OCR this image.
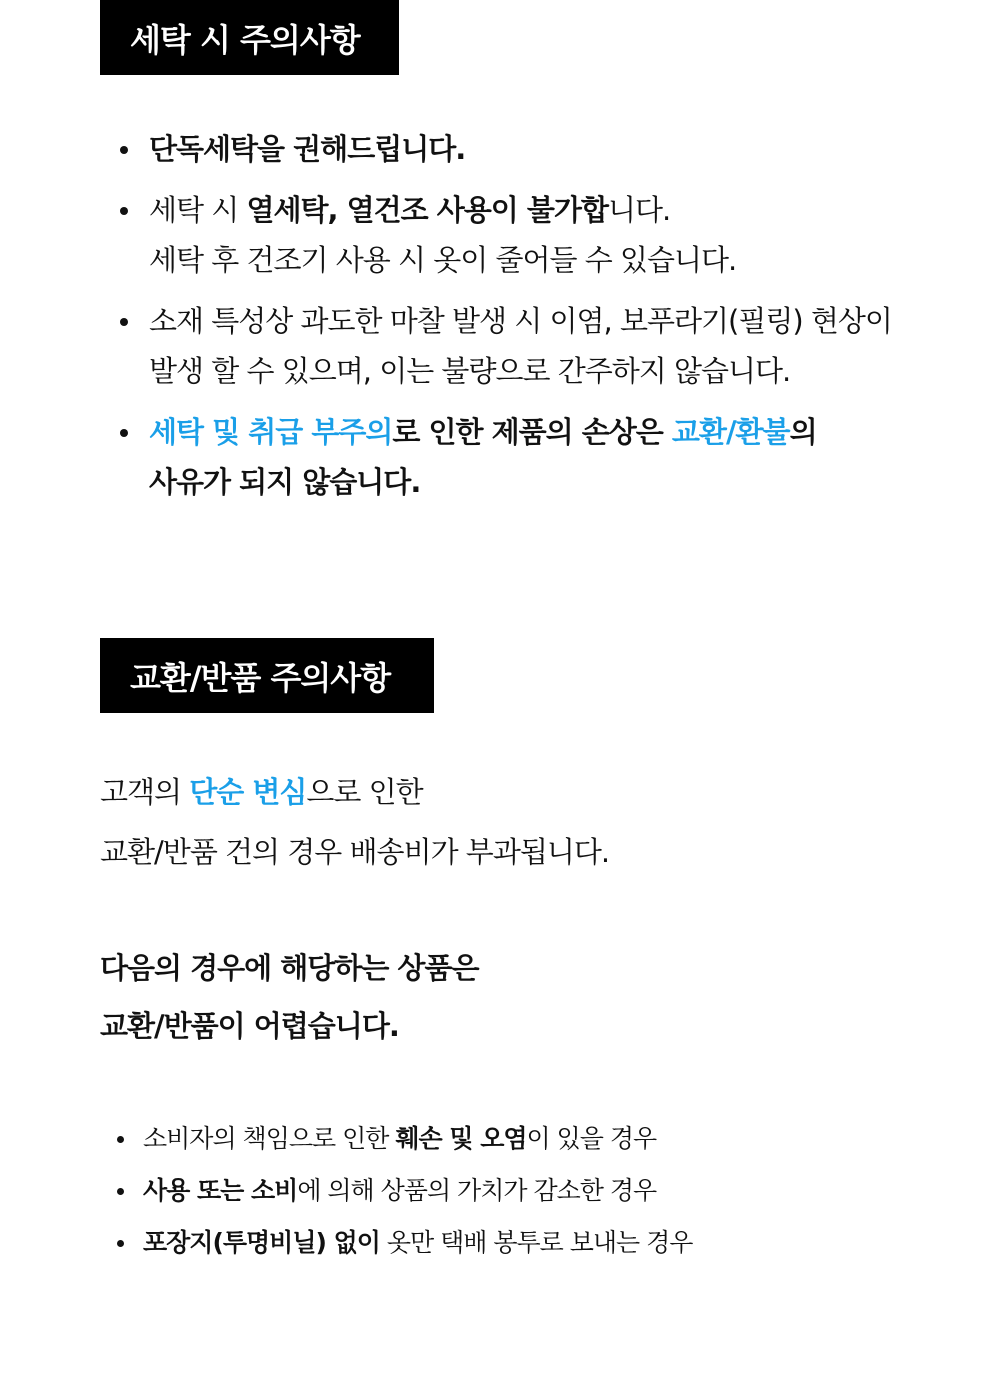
세탁 시 주의사항
단독세탁을 권해드립니다.
세탁 시 열세탁, 열건조 사용이 불가합니다.
세탁 후 건조기 사용 시 옷이 줄어들 수 있습니다.
소재 특성상 과도한 마찰 발생 시 이염, 보푸라기(필링) 현상이
발생 할 수 있으며, 이는 불량으로 간주하지 않습니다.
세탁 및 취급 부주의로 인한 제품의 손상은 교환/환불의
사유가 되지 않습니다.
교환/반품 주의사항

고객의 단순 변심으로 인한
교환/반품 건의 경우 배송비가 부과됩니다.

다음의 경우에 해당하는 상품은
교환/반품이 어렵습니다.

소비자의 책임으로 인한 훼손 및 오염이 있을 경우
사용 또는 소비에 의해 상품의 가치가 감소한 경우
포장지(투명비닐) 없이 옷만 택배 봉투로 보내는 경우
